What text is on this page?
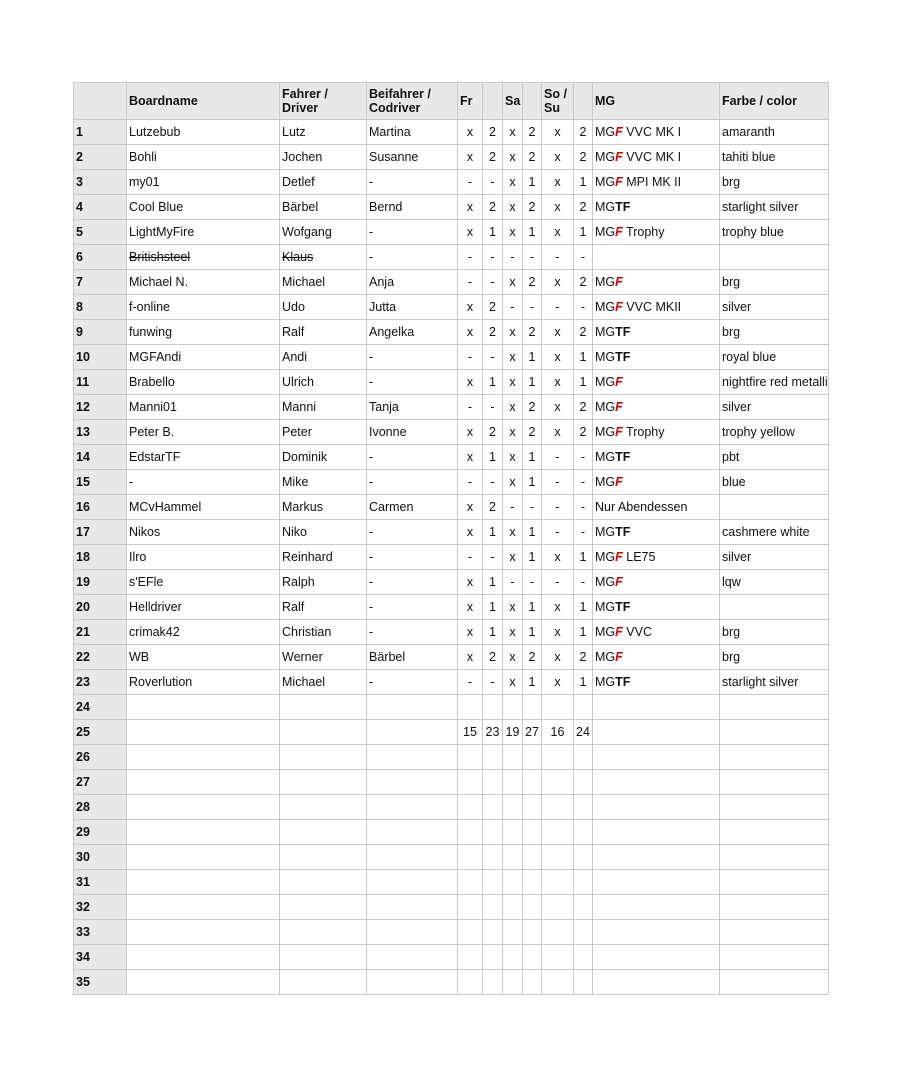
	Boardname	Fahrer / Driver	Beifahrer / Codriver	Fr		Sa		So / Su		MG	Farbe / color
1	Lutzebub	Lutz	Martina	x	2	x	2	x	2	MGF VVC MK I	amaranth
2	Bohli	Jochen	Susanne	x	2	x	2	x	2	MGF VVC MK I	tahiti blue
3	my01	Detlef	-	-	-	x	1	x	1	MGF MPI MK II	brg
4	Cool Blue	Bärbel	Bernd	x	2	x	2	x	2	MGTF	starlight silver
5	LightMyFire	Wofgang	-	x	1	x	1	x	1	MGF Trophy	trophy blue
6	Britishsteel	Klaus	-	-	-	-	-	-	-		
7	Michael N.	Michael	Anja	-	-	x	2	x	2	MGF	brg
8	f-online	Udo	Jutta	x	2	-	-	-	-	MGF VVC MKII	silver
9	funwing	Ralf	Angelka	x	2	x	2	x	2	MGTF	brg
10	MGFAndi	Andi	-	-	-	x	1	x	1	MGTF	royal blue
11	Brabello	Ulrich	-	x	1	x	1	x	1	MGF	nightfire red metalli
12	Manni01	Manni	Tanja	-	-	x	2	x	2	MGF	silver
13	Peter B.	Peter	Ivonne	x	2	x	2	x	2	MGF Trophy	trophy yellow
14	EdstarTF	Dominik	-	x	1	x	1	-	-	MGTF	pbt
15	-	Mike	-	-	-	x	1	-	-	MGF	blue
16	MCvHammel	Markus	Carmen	x	2	-	-	-	-	Nur Abendessen	
17	Nikos	Niko	-	x	1	x	1	-	-	MGTF	cashmere white
18	Ilro	Reinhard	-	-	-	x	1	x	1	MGF LE75	silver
19	s'EFle	Ralph	-	x	1	-	-	-	-	MGF	lqw
20	Helldriver	Ralf	-	x	1	x	1	x	1	MGTF	
21	crimak42	Christian	-	x	1	x	1	x	1	MGF VVC	brg
22	WB	Werner	Bärbel	x	2	x	2	x	2	MGF	brg
23	Roverlution	Michael	-	-	-	x	1	x	1	MGTF	starlight silver
24											
25				15	23	19	27	16	24		
26											
27											
28											
29											
30											
31											
32											
33											
34											
35											
